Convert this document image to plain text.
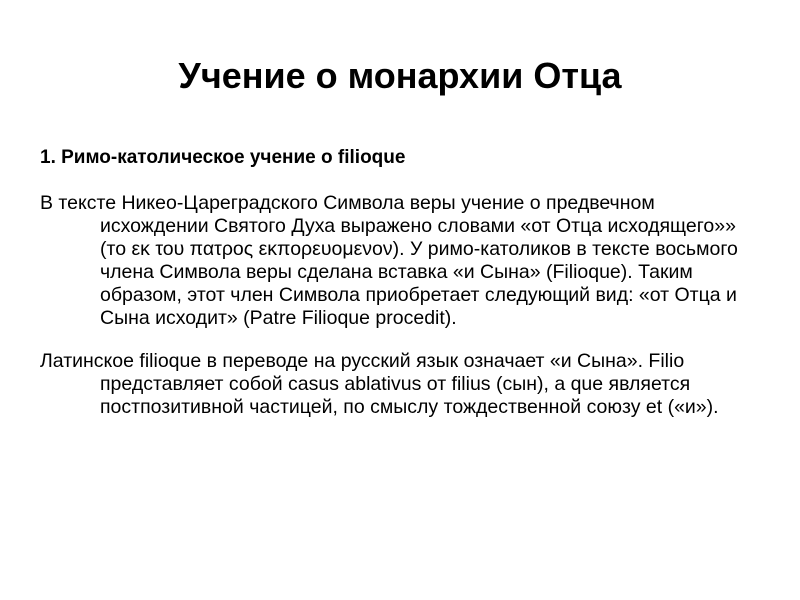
Учение о монархии Отца

1. Римо-католическое учение о filioque

В тексте Никео-Цареградского Символа веры учение о предвечном исхождении Святого Духа выражено словами «от Отца исходящего»» (то εκ του πατρος εκπορευομενον). У римо-католиков в тексте восьмого члена Символа веры сделана вставка «и Сына» (Filioque). Таким образом, этот член Символа приобретает следующий вид: «от Отца и Сына исходит» (Patre Filioque procedit).

Латинское filioque в переводе на русский язык означает «и Сына». Filio представляет собой casus ablativus от filius (сын), а que является постпозитивной частицей, по смыслу тождественной союзу et («и»).
